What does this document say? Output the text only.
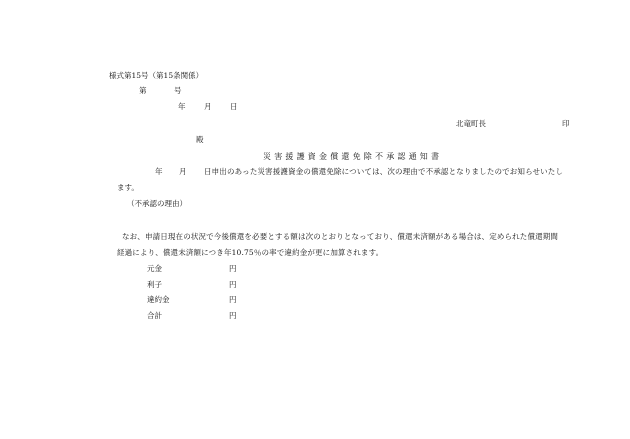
様式第15号（第15条関係）
第	号
年 月 日
北竜町長	印
殿
災害援護資金償還免除不承認通知書
年 月 日申出のあった災害援護資金の償還免除については、次の理由で不承認となりましたのでお知らせいたし
ます。
（不承認の理由）
なお、申請日現在の状況で今後償還を必要とする額は次のとおりとなっており、償還未済額がある場合は、定められた償還期間
経過により、償還未済額につき年10.75％の率で違約金が更に加算されます。
元金	円
利子	円
違約金	円
合計	円
